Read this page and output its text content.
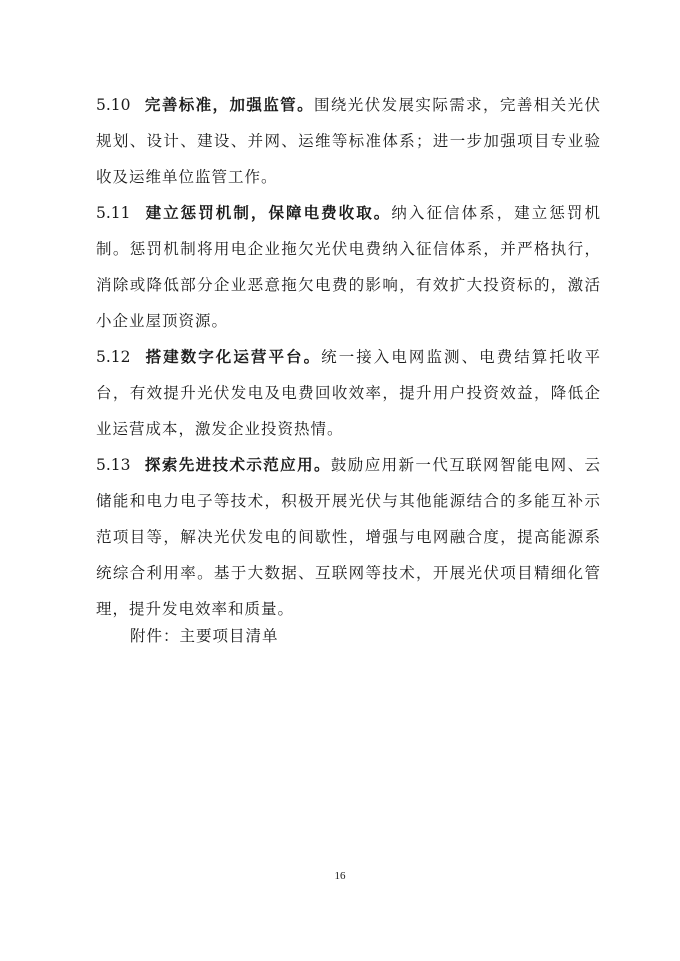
5.10 完善标准，加强监管。围绕光伏发展实际需求，完善相关光伏规划、设计、建设、并网、运维等标准体系；进一步加强项目专业验收及运维单位监管工作。

5.11 建立惩罚机制，保障电费收取。纳入征信体系，建立惩罚机制。惩罚机制将用电企业拖欠光伏电费纳入征信体系，并严格执行，消除或降低部分企业恶意拖欠电费的影响，有效扩大投资标的，激活小企业屋顶资源。

5.12 搭建数字化运营平台。统一接入电网监测、电费结算托收平台，有效提升光伏发电及电费回收效率，提升用户投资效益，降低企业运营成本，激发企业投资热情。

5.13 探索先进技术示范应用。鼓励应用新一代互联网智能电网、云储能和电力电子等技术，积极开展光伏与其他能源结合的多能互补示范项目等，解决光伏发电的间歇性，增强与电网融合度，提高能源系统综合利用率。基于大数据、互联网等技术，开展光伏项目精细化管理，提升发电效率和质量。

附件：主要项目清单
16
